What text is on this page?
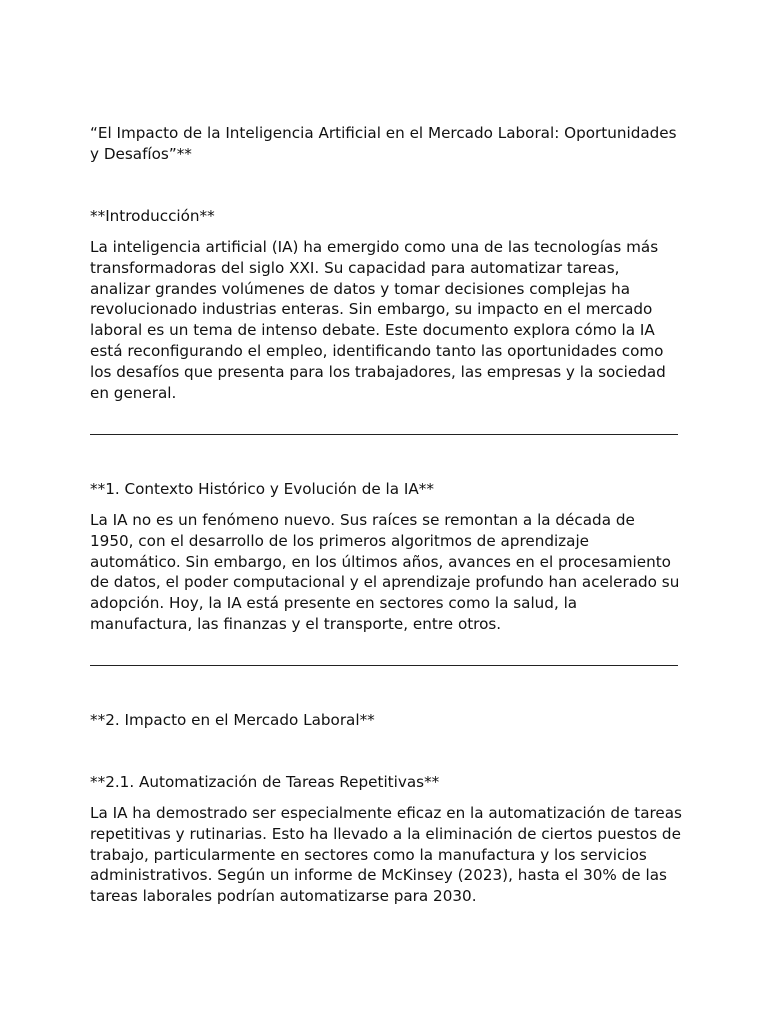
“El Impacto de la Inteligencia Artificial en el Mercado Laboral: Oportunidades y Desafíos”**

**Introducción**

La inteligencia artificial (IA) ha emergido como una de las tecnologías más transformadoras del siglo XXI. Su capacidad para automatizar tareas, analizar grandes volúmenes de datos y tomar decisiones complejas ha revolucionado industrias enteras. Sin embargo, su impacto en el mercado laboral es un tema de intenso debate. Este documento explora cómo la IA está reconfigurando el empleo, identificando tanto las oportunidades como los desafíos que presenta para los trabajadores, las empresas y la sociedad en general.

**1. Contexto Histórico y Evolución de la IA**

La IA no es un fenómeno nuevo. Sus raíces se remontan a la década de 1950, con el desarrollo de los primeros algoritmos de aprendizaje automático. Sin embargo, en los últimos años, avances en el procesamiento de datos, el poder computacional y el aprendizaje profundo han acelerado su adopción. Hoy, la IA está presente en sectores como la salud, la manufactura, las finanzas y el transporte, entre otros.

**2. Impacto en el Mercado Laboral**

**2.1. Automatización de Tareas Repetitivas**

La IA ha demostrado ser especialmente eficaz en la automatización de tareas repetitivas y rutinarias. Esto ha llevado a la eliminación de ciertos puestos de trabajo, particularmente en sectores como la manufactura y los servicios administrativos. Según un informe de McKinsey (2023), hasta el 30% de las tareas laborales podrían automatizarse para 2030.
